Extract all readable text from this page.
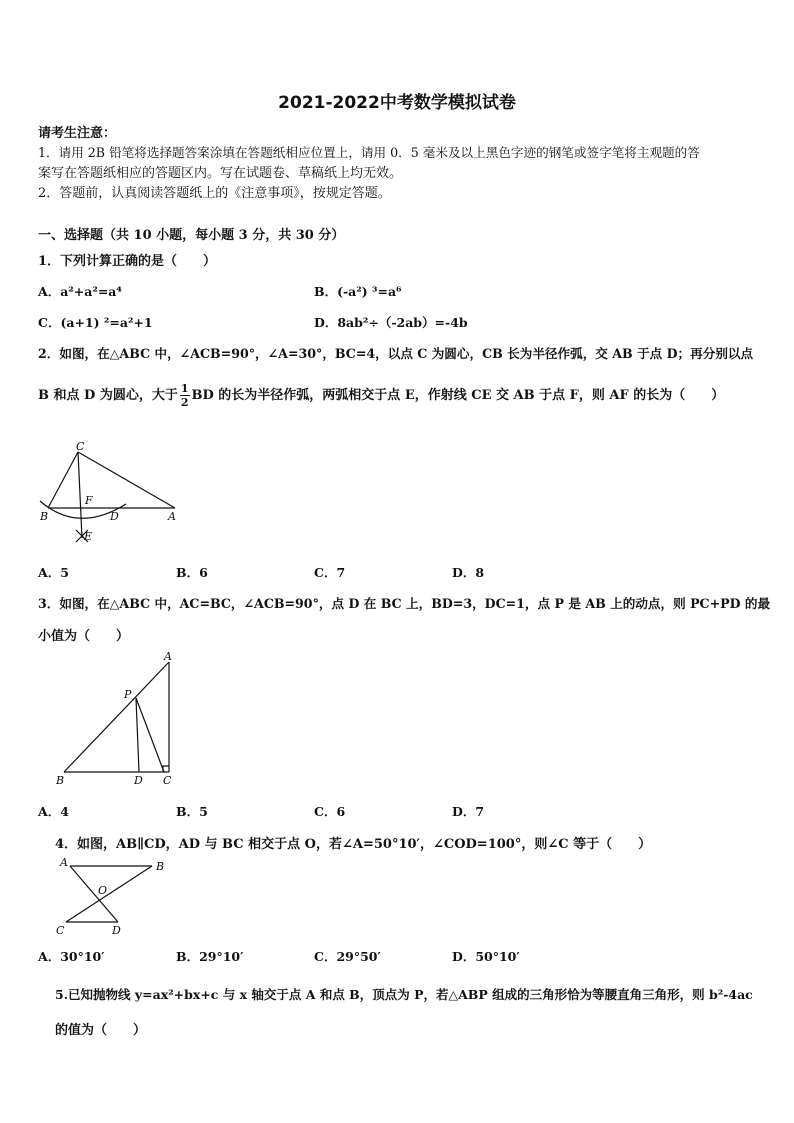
2021-2022中考数学模拟试卷
请考生注意：
1．请用 2B 铅笔将选择题答案涂填在答题纸相应位置上，请用 0．5 毫米及以上黑色字迹的钢笔或签字笔将主观题的答
案写在答题纸相应的答题区内。写在试题卷、草稿纸上均无效。
2．答题前，认真阅读答题纸上的《注意事项》，按规定答题。
一、选择题（共 10 小题，每小题 3 分，共 30 分）
1．下列计算正确的是（　　）
A．a²+a²=a⁴	B．(-a²) ³=a⁶
C．(a+1) ²=a²+1	D．8ab²÷（-2ab）=-4b
2．如图，在△ABC 中，∠ACB=90°，∠A=30°，BC=4，以点 C 为圆心，CB 长为半径作弧，交 AB 于点 D；再分别以点
B 和点 D 为圆心，大于 $\frac{1}{2}$ BD 的长为半径作弧，两弧相交于点 E，作射线 CE 交 AB 于点 F，则 AF 的长为（　　）
C
F
B	D	A
E
A．5	B．6	C．7	D．8
3．如图，在△ABC 中，AC=BC，∠ACB=90°，点 D 在 BC 上，BD=3，DC=1，点 P 是 AB 上的动点，则 PC+PD 的最
小值为（　　）
A
P
B	D C
A．4	B．5	C．6	D．7
4．如图，AB∥CD，AD 与 BC 相交于点 O，若∠A=50°10′，∠COD=100°，则∠C 等于（　　）
A	B
O
C	D
A．30°10′	B．29°10′	C．29°50′	D．50°10′
5.已知抛物线 y=ax²+bx+c 与 x 轴交于点 A 和点 B，顶点为 P，若△ABP 组成的三角形恰为等腰直角三角形，则 b²-4ac
的值为（　　）
